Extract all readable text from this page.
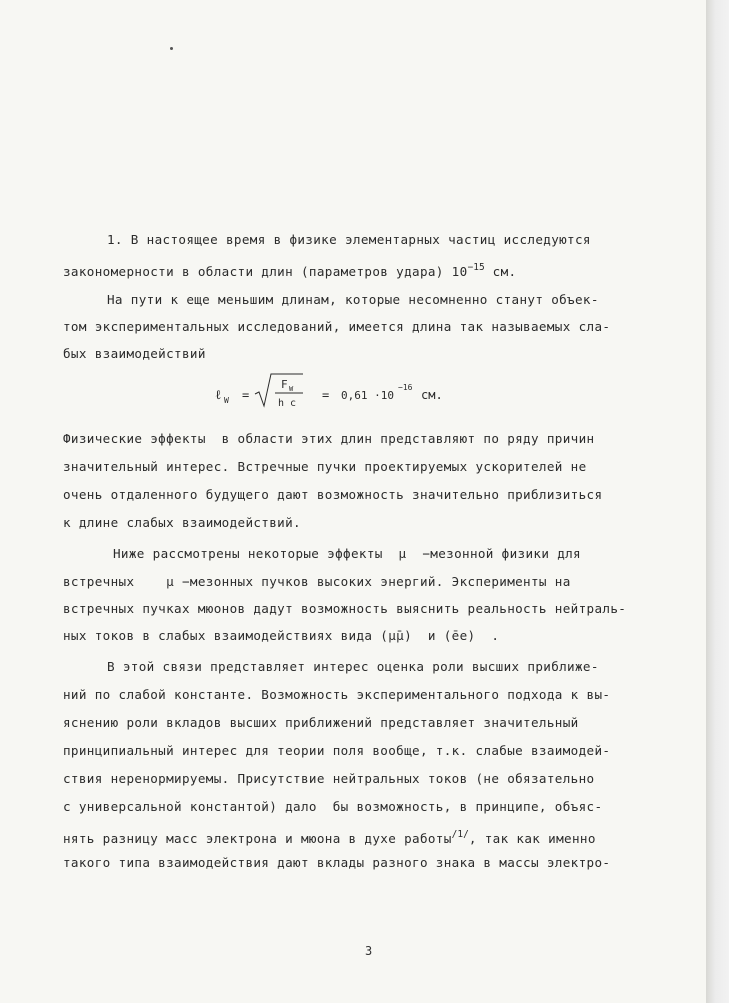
1. В настоящее время в физике элементарных частиц исследуются
закономерности в области длин (параметров удара) $10^{-15}$ см.
На пути к еще меньшим длинам, которые несомненно станут объек-
том экспериментальных исследований, имеется длина так называемых сла-
бых взаимодействий
ℓ W =
F W
h c
= 0,61 ·10
−16
см.
Физические эффекты  в области этих длин представляют по ряду причин
значительный интерес. Встречные пучки проектируемых ускорителей не
очень отдаленного будущего дают возможность значительно приблизиться
к длине слабых взаимодействий.
Ниже рассмотрены некоторые эффекты  μ  −мезонной физики для
встречных    μ −мезонных пучков высоких энергий. Эксперименты на
встречных пучках мюонов дадут возможность выяснить реальность нейтраль-
ных токов в слабых взаимодействиях вида (μ̄μ)  и (ēe)  .
В этой связи представляет интерес оценка роли высших приближе-
ний по слабой константе. Возможность экспериментального подхода к вы-
яснению роли вкладов высших приближений представляет значительный
принципиальный интерес для теории поля вообще, т.к. слабые взаимодей-
ствия неренормируемы. Присутствие нейтральных токов (не обязательно
с универсальной константой) дало  бы возможность, в принципе, объяс-
нять разницу масс электрона и мюона в духе работы$^{/1/}$, так как именно
такого типа взаимодействия дают вклады разного знака в массы электро-
3
